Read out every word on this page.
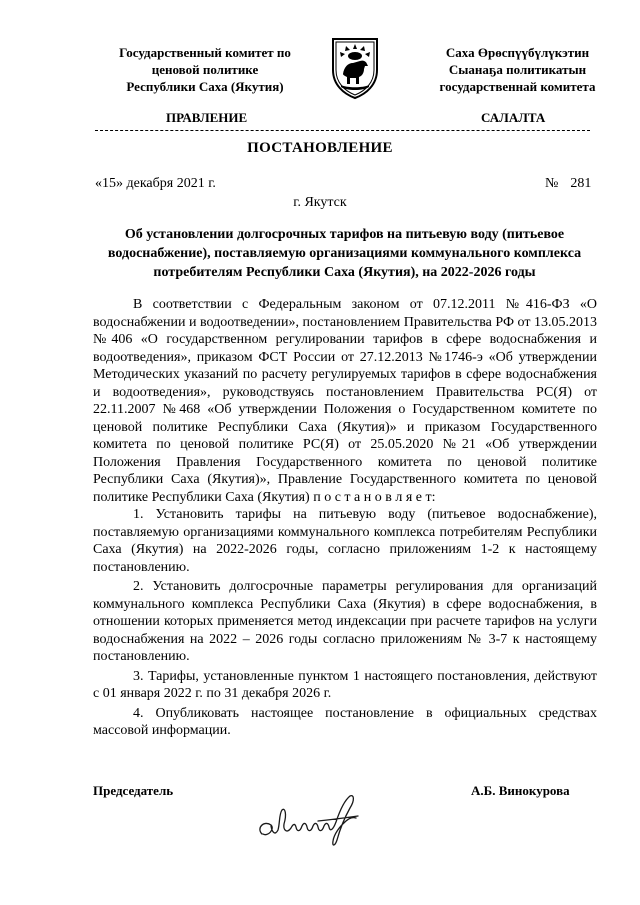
Государственный комитет по
ценовой политике
Республики Саха (Якутия)
Саха Өрөспүүбүлүкэтин
Сыанаҕа политикатын
государственнай комитета
ПРАВЛЕНИЕ	САЛАЛТА
ПОСТАНОВЛЕНИЕ
«15» декабря 2021 г.	№ 281
г. Якутск
Об установлении долгосрочных тарифов на питьевую воду (питьевое водоснабжение), поставляемую организациями коммунального комплекса потребителям Республики Саха (Якутия), на 2022-2026 годы

В соответствии с Федеральным законом от 07.12.2011 №416-ФЗ «О водоснабжении и водоотведении», постановлением Правительства РФ от 13.05.2013 №406 «О государственном регулировании тарифов в сфере водоснабжения и водоотведения», приказом ФСТ России от 27.12.2013 №1746-э «Об утверждении Методических указаний по расчету регулируемых тарифов в сфере водоснабжения и водоотведения», руководствуясь постановлением Правительства РС(Я) от 22.11.2007 №468 «Об утверждении Положения о Государственном комитете по ценовой политике Республики Саха (Якутия)» и приказом Государственного комитета по ценовой политике РС(Я) от 25.05.2020 №21 «Об утверждении Положения Правления Государственного комитета по ценовой политике Республики Саха (Якутия)», Правление Государственного комитета по ценовой политике Республики Саха (Якутия) п о с т а н о в л я е т:

1. Установить тарифы на питьевую воду (питьевое водоснабжение), поставляемую организациями коммунального комплекса потребителям Республики Саха (Якутия) на 2022-2026 годы, согласно приложениям 1-2 к настоящему постановлению.

2. Установить долгосрочные параметры регулирования для организаций коммунального комплекса Республики Саха (Якутия) в сфере водоснабжения, в отношении которых применяется метод индексации при расчете тарифов на услуги водоснабжения на 2022 – 2026 годы согласно приложениям № 3-7 к настоящему постановлению.

3. Тарифы, установленные пунктом 1 настоящего постановления, действуют с 01 января 2022 г. по 31 декабря 2026 г.

4. Опубликовать настоящее постановление в официальных средствах массовой информации.

Председатель	А.Б. Винокурова
